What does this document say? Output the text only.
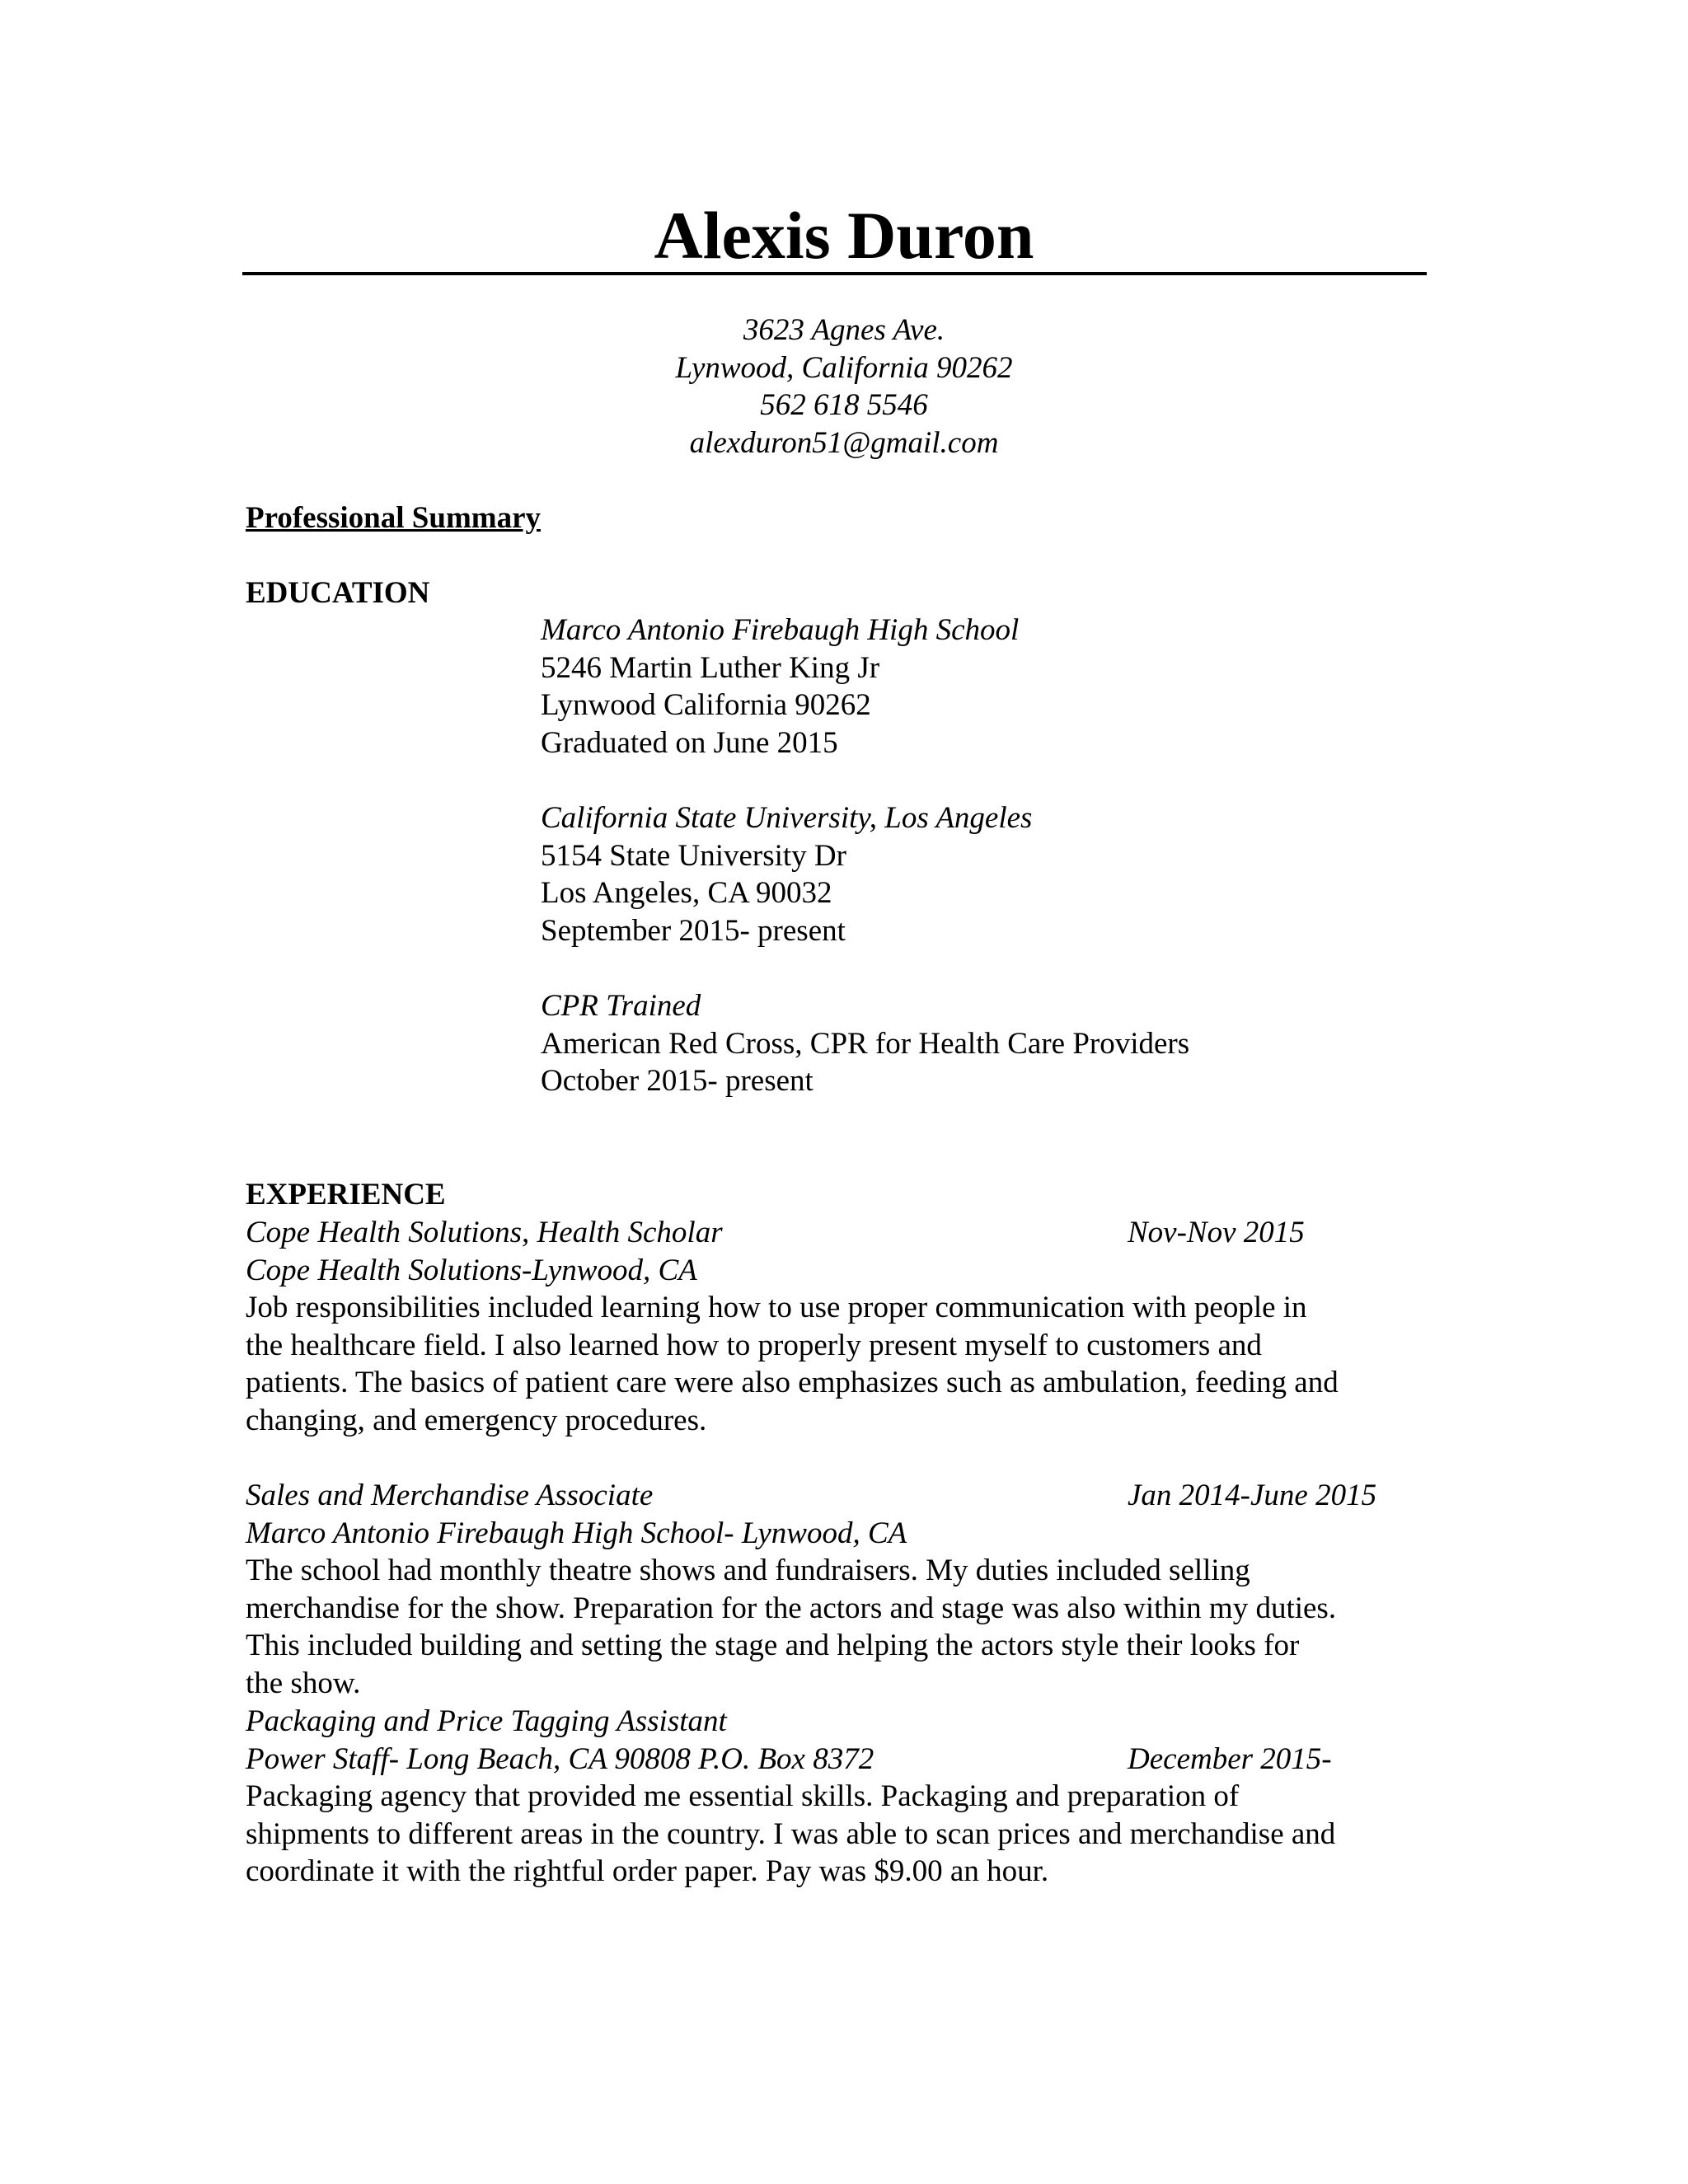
Alexis Duron
3623 Agnes Ave.
Lynwood, California 90262
562 618 5546
alexduron51@gmail.com
Professional Summary
EDUCATION
Marco Antonio Firebaugh High School
5246 Martin Luther King Jr
Lynwood California 90262
Graduated on June 2015
California State University, Los Angeles
5154 State University Dr
Los Angeles, CA 90032
September 2015- present
CPR Trained
American Red Cross, CPR for Health Care Providers
October 2015- present
EXPERIENCE
Cope Health Solutions, Health Scholar	Nov-Nov 2015
Cope Health Solutions-Lynwood, CA
Job responsibilities included learning how to use proper communication with people in
the healthcare field. I also learned how to properly present myself to customers and
patients. The basics of patient care were also emphasizes such as ambulation, feeding and
changing, and emergency procedures.
Sales and Merchandise Associate	Jan 2014-June 2015
Marco Antonio Firebaugh High School- Lynwood, CA
The school had monthly theatre shows and fundraisers. My duties included selling
merchandise for the show. Preparation for the actors and stage was also within my duties.
This included building and setting the stage and helping the actors style their looks for
the show.
Packaging and Price Tagging Assistant
Power Staff- Long Beach, CA 90808 P.O. Box 8372	December 2015-
Packaging agency that provided me essential skills. Packaging and preparation of
shipments to different areas in the country. I was able to scan prices and merchandise and
coordinate it with the rightful order paper. Pay was $9.00 an hour.
